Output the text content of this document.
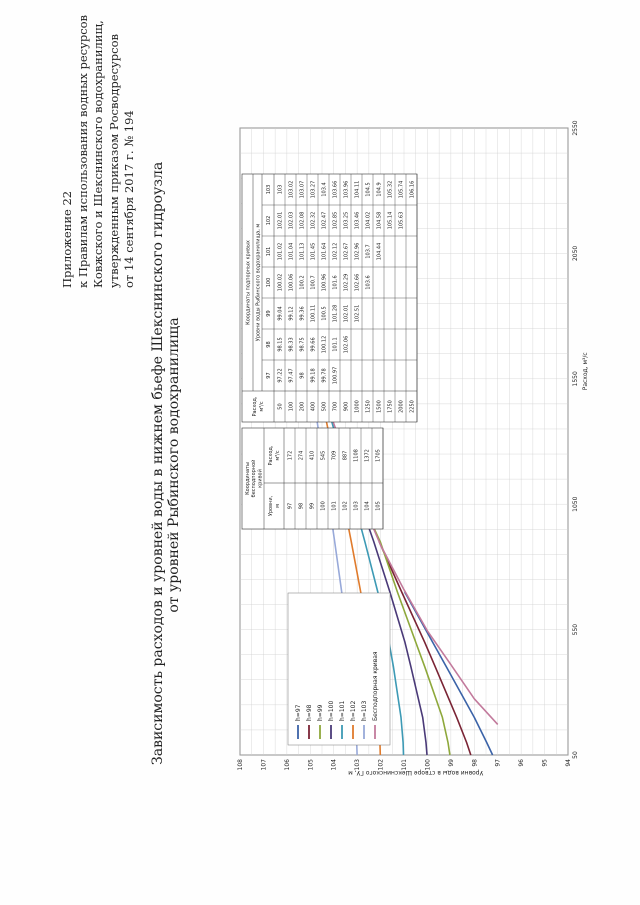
Приложение 22 к Правилам использования водных ресурсов Ковжского и Шекснинского водохранилищ, утвержденным приказом Росводресурсов от 14 сентября 2017 г. № 194 Зависимость расходов и уровней воды в нижнем бьефе Шекснинского гидроузла от уровней Рыбинского водохранилища
50
550
1050
1550
2050
2550
94
95
96
97
98
99
100
101
102
103
104
105
106
107
108
Расход, м³/с
Уровни воды в створе Шекснинского ГУ, м
h=97 h=98 h=99 h=100 h=101 h=102 h=103 Бесподпорная кривая
Координаты бесподпорной кривой
Уровни, м
Расход, м³/с
97
172
98
274
99
410
100
545
101
709
102
887
103
1108
104
1372
105
1705
Координаты подпорных кривых Уровни воды Рыбинского водохранилища, м
Расход, м³/с
97
98
99
100
101
102
103
50
97.22
98.15
99.04
100.02
101.02
102.01
103
100
97.47
98.33
99.12
100.06
101.04
102.03
103.02
200
98
98.75
99.36
100.2
101.13
102.08
103.07
400
99.18
99.66
100.11
100.7
101.45
102.32
103.27
500
99.78
100.12
100.5
100.96
101.64
102.47
103.4
700
100.97
101.1
101.28
101.6
102.12
102.85
103.66
900
102.06
102.01
102.29
102.67
103.25
103.96
1000
102.51
102.66
102.96
103.46
104.11
1250
103.6
103.7
104.02
104.5
1500
104.44
104.58
104.9
1750
105.14
105.32
2000
105.63
105.74
2250
106.16
